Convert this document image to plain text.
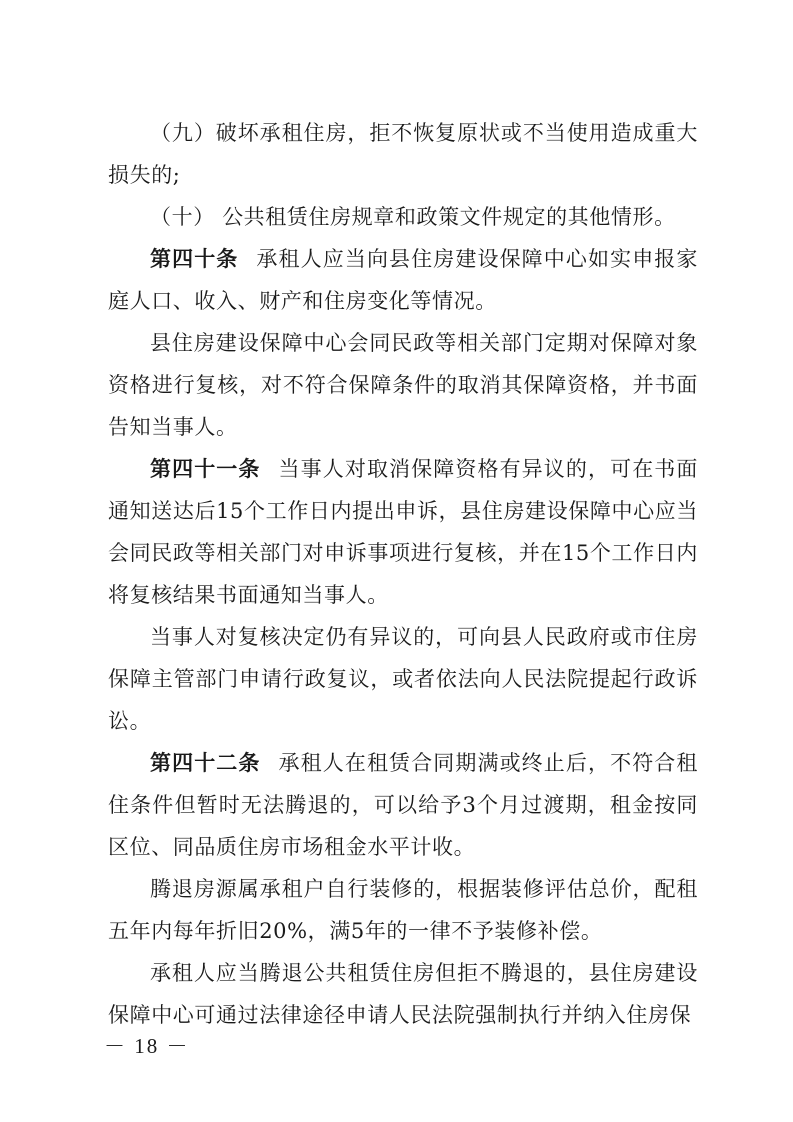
（九）破坏承租住房，拒不恢复原状或不当使用造成重大损失的;

（十） 公共租赁住房规章和政策文件规定的其他情形。

第四十条 承租人应当向县住房建设保障中心如实申报家庭人口、收入、财产和住房变化等情况。

县住房建设保障中心会同民政等相关部门定期对保障对象资格进行复核，对不符合保障条件的取消其保障资格，并书面告知当事人。

第四十一条 当事人对取消保障资格有异议的，可在书面通知送达后15个工作日内提出申诉，县住房建设保障中心应当会同民政等相关部门对申诉事项进行复核，并在15个工作日内将复核结果书面通知当事人。

当事人对复核决定仍有异议的，可向县人民政府或市住房保障主管部门申请行政复议，或者依法向人民法院提起行政诉讼。

第四十二条 承租人在租赁合同期满或终止后，不符合租住条件但暂时无法腾退的，可以给予3个月过渡期，租金按同区位、同品质住房市场租金水平计收。

腾退房源属承租户自行装修的，根据装修评估总价，配租五年内每年折旧20%，满5年的一律不予装修补偿。

承租人应当腾退公共租赁住房但拒不腾退的，县住房建设保障中心可通过法律途径申请人民法院强制执行并纳入住房保

－ 18 －
